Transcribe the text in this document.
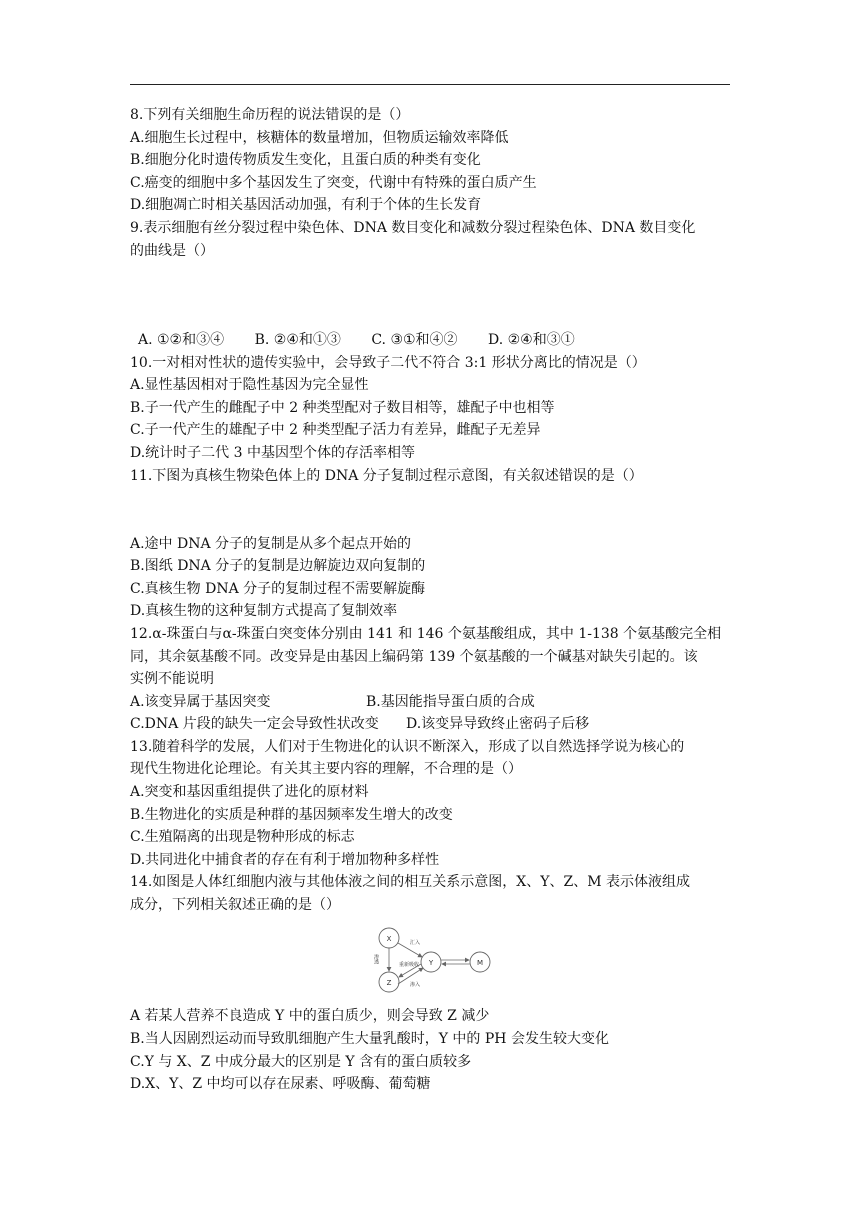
8.下列有关细胞生命历程的说法错误的是（）
A.细胞生长过程中，核糖体的数量增加，但物质运输效率降低
B.细胞分化时遗传物质发生变化，且蛋白质的种类有变化
C.癌变的细胞中多个基因发生了突变，代谢中有特殊的蛋白质产生
D.细胞凋亡时相关基因活动加强，有利于个体的生长发育
9.表示细胞有丝分裂过程中染色体、DNA 数目变化和减数分裂过程染色体、DNA 数目变化
的曲线是（）
A. ①②和③④ B. ②④和①③ C. ③①和④② D. ②④和③①
10.一对相对性状的遗传实验中，会导致子二代不符合 3:1 形状分离比的情况是（）
A.显性基因相对于隐性基因为完全显性
B.子一代产生的雌配子中 2 种类型配对子数目相等，雄配子中也相等
C.子一代产生的雄配子中 2 种类型配子活力有差异，雌配子无差异
D.统计时子二代 3 中基因型个体的存活率相等
11.下图为真核生物染色体上的 DNA 分子复制过程示意图，有关叙述错误的是（）
A.途中 DNA 分子的复制是从多个起点开始的
B.图纸 DNA 分子的复制是边解旋边双向复制的
C.真核生物 DNA 分子的复制过程不需要解旋酶
D.真核生物的这种复制方式提高了复制效率
12.α-珠蛋白与α-珠蛋白突变体分别由 141 和 146 个氨基酸组成，其中 1-138 个氨基酸完全相
同，其余氨基酸不同。改变异是由基因上编码第 139 个氨基酸的一个碱基对缺失引起的。该
实例不能说明
A.该变异属于基因突变	B.基因能指导蛋白质的合成
C.DNA 片段的缺失一定会导致性状改变 D.该变异导致终止密码子后移
13.随着科学的发展，人们对于生物进化的认识不断深入，形成了以自然选择学说为核心的
现代生物进化论理论。有关其主要内容的理解，不合理的是（）
A.突变和基因重组提供了进化的原材料
B.生物进化的实质是种群的基因频率发生增大的改变
C.生殖隔离的出现是物种形成的标志
D.共同进化中捕食者的存在有利于增加物种多样性
14.如图是人体红细胞内液与其他体液之间的相互关系示意图，X、Y、Z、M 表示体液组成
成分，下列相关叙述正确的是（）
X
Y
Z
M
汇入
渗透
重新吸收
渗入
A 若某人营养不良造成 Y 中的蛋白质少，则会导致 Z 减少
B.当人因剧烈运动而导致肌细胞产生大量乳酸时，Y 中的 PH 会发生较大变化
C.Y 与 X、Z 中成分最大的区别是 Y 含有的蛋白质较多
D.X、Y、Z 中均可以存在尿素、呼吸酶、葡萄糖
